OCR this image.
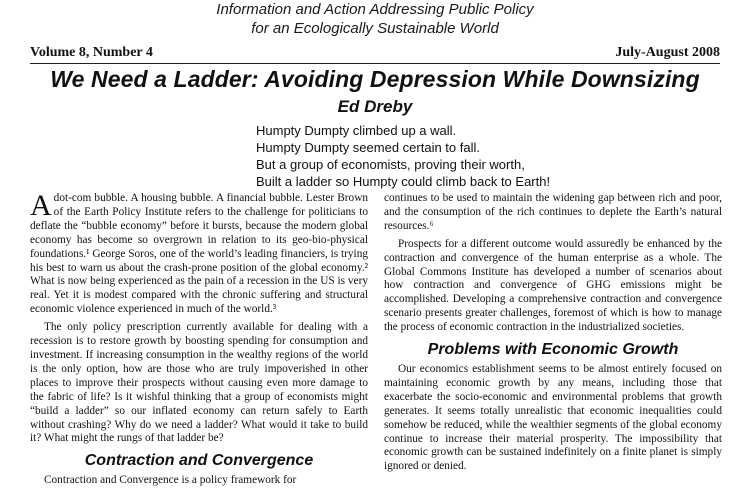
Information and Action Addressing Public Policy
for an Ecologically Sustainable World
Volume 8, Number 4	July-August 2008
We Need a Ladder: Avoiding Depression While Downsizing
Ed Dreby
Humpty Dumpty climbed up a wall.
Humpty Dumpty seemed certain to fall.
But a group of economists, proving their worth,
Built a ladder so Humpty could climb back to Earth!

Adot-com bubble. A housing bubble. A financial bubble. Lester Brown of the Earth Policy Institute refers to the challenge for politicians to deflate the “bubble economy” before it bursts, because the modern global economy has become so overgrown in relation to its geo-bio-physical foundations.¹ George Soros, one of the world’s leading financiers, is trying his best to warn us about the crash-prone position of the global economy.² What is now being experienced as the pain of a recession in the US is very real. Yet it is modest compared with the chronic suffering and structural economic violence experienced in much of the world.³

The only policy prescription currently available for dealing with a recession is to restore growth by boosting spending for consumption and investment. If increasing consumption in the wealthy regions of the world is the only option, how are those who are truly impoverished in other places to improve their prospects without causing even more damage to the fabric of life? Is it wishful thinking that a group of economists might “build a ladder” so our inflated economy can return safely to Earth without crashing? Why do we need a ladder? What would it take to build it? What might the rungs of that ladder be?

Contraction and Convergence

Contraction and Convergence is a policy framework for

continues to be used to maintain the widening gap between rich and poor, and the consumption of the rich continues to deplete the Earth’s natural resources.⁶

Prospects for a different outcome would assuredly be enhanced by the contraction and convergence of the human enterprise as a whole. The Global Commons Institute has developed a number of scenarios about how contraction and convergence of GHG emissions might be accomplished. Developing a comprehensive contraction and convergence scenario presents greater challenges, foremost of which is how to manage the process of economic contraction in the industrialized societies.

Problems with Economic Growth

Our economics establishment seems to be almost entirely focused on maintaining economic growth by any means, including those that exacerbate the socio-economic and environmental problems that growth generates. It seems totally unrealistic that economic inequalities could somehow be reduced, while the wealthier segments of the global economy continue to increase their material prosperity. The impossibility that economic growth can be sustained indefinitely on a finite planet is simply ignored or denied.
